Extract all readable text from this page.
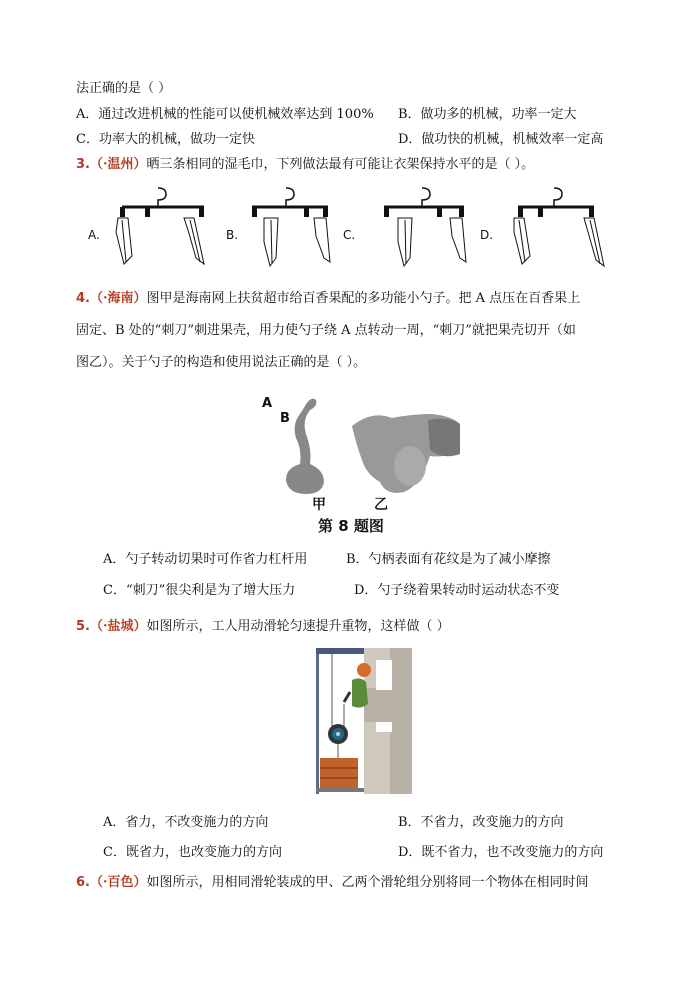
法正确的是（ ）
A．通过改进机械的性能可以使机械效率达到 100% B．做功多的机械，功率一定大
C．功率大的机械，做功一定快	D．做功快的机械，机械效率一定高
3.（·温州）晒三条相同的湿毛巾，下列做法最有可能让衣架保持水平的是（ ）。
A.	B.	C.	D.
4.（·海南）图甲是海南网上扶贫超市给百香果配的多功能小勺子。把 A 点压在百香果上
固定、B 处的“刺刀”刺进果壳，用力使勺子绕 A 点转动一周，“刺刀”就把果壳切开（如
图乙）。关于勺子的构造和使用说法正确的是（ ）。
A
B
甲	乙
第 8 题图
A．勺子转动切果时可作省力杠杆用	B．勺柄表面有花纹是为了减小摩擦
C．“刺刀”很尖利是为了增大压力	D．勺子绕着果转动时运动状态不变
5.（·盐城）如图所示，工人用动滑轮匀速提升重物，这样做（ ）
A．省力，不改变施力的方向	B．不省力，改变施力的方向
C．既省力，也改变施力的方向	D．既不省力，也不改变施力的方向
6.（·百色）如图所示，用相同滑轮装成的甲、乙两个滑轮组分别将同一个物体在相同时间
